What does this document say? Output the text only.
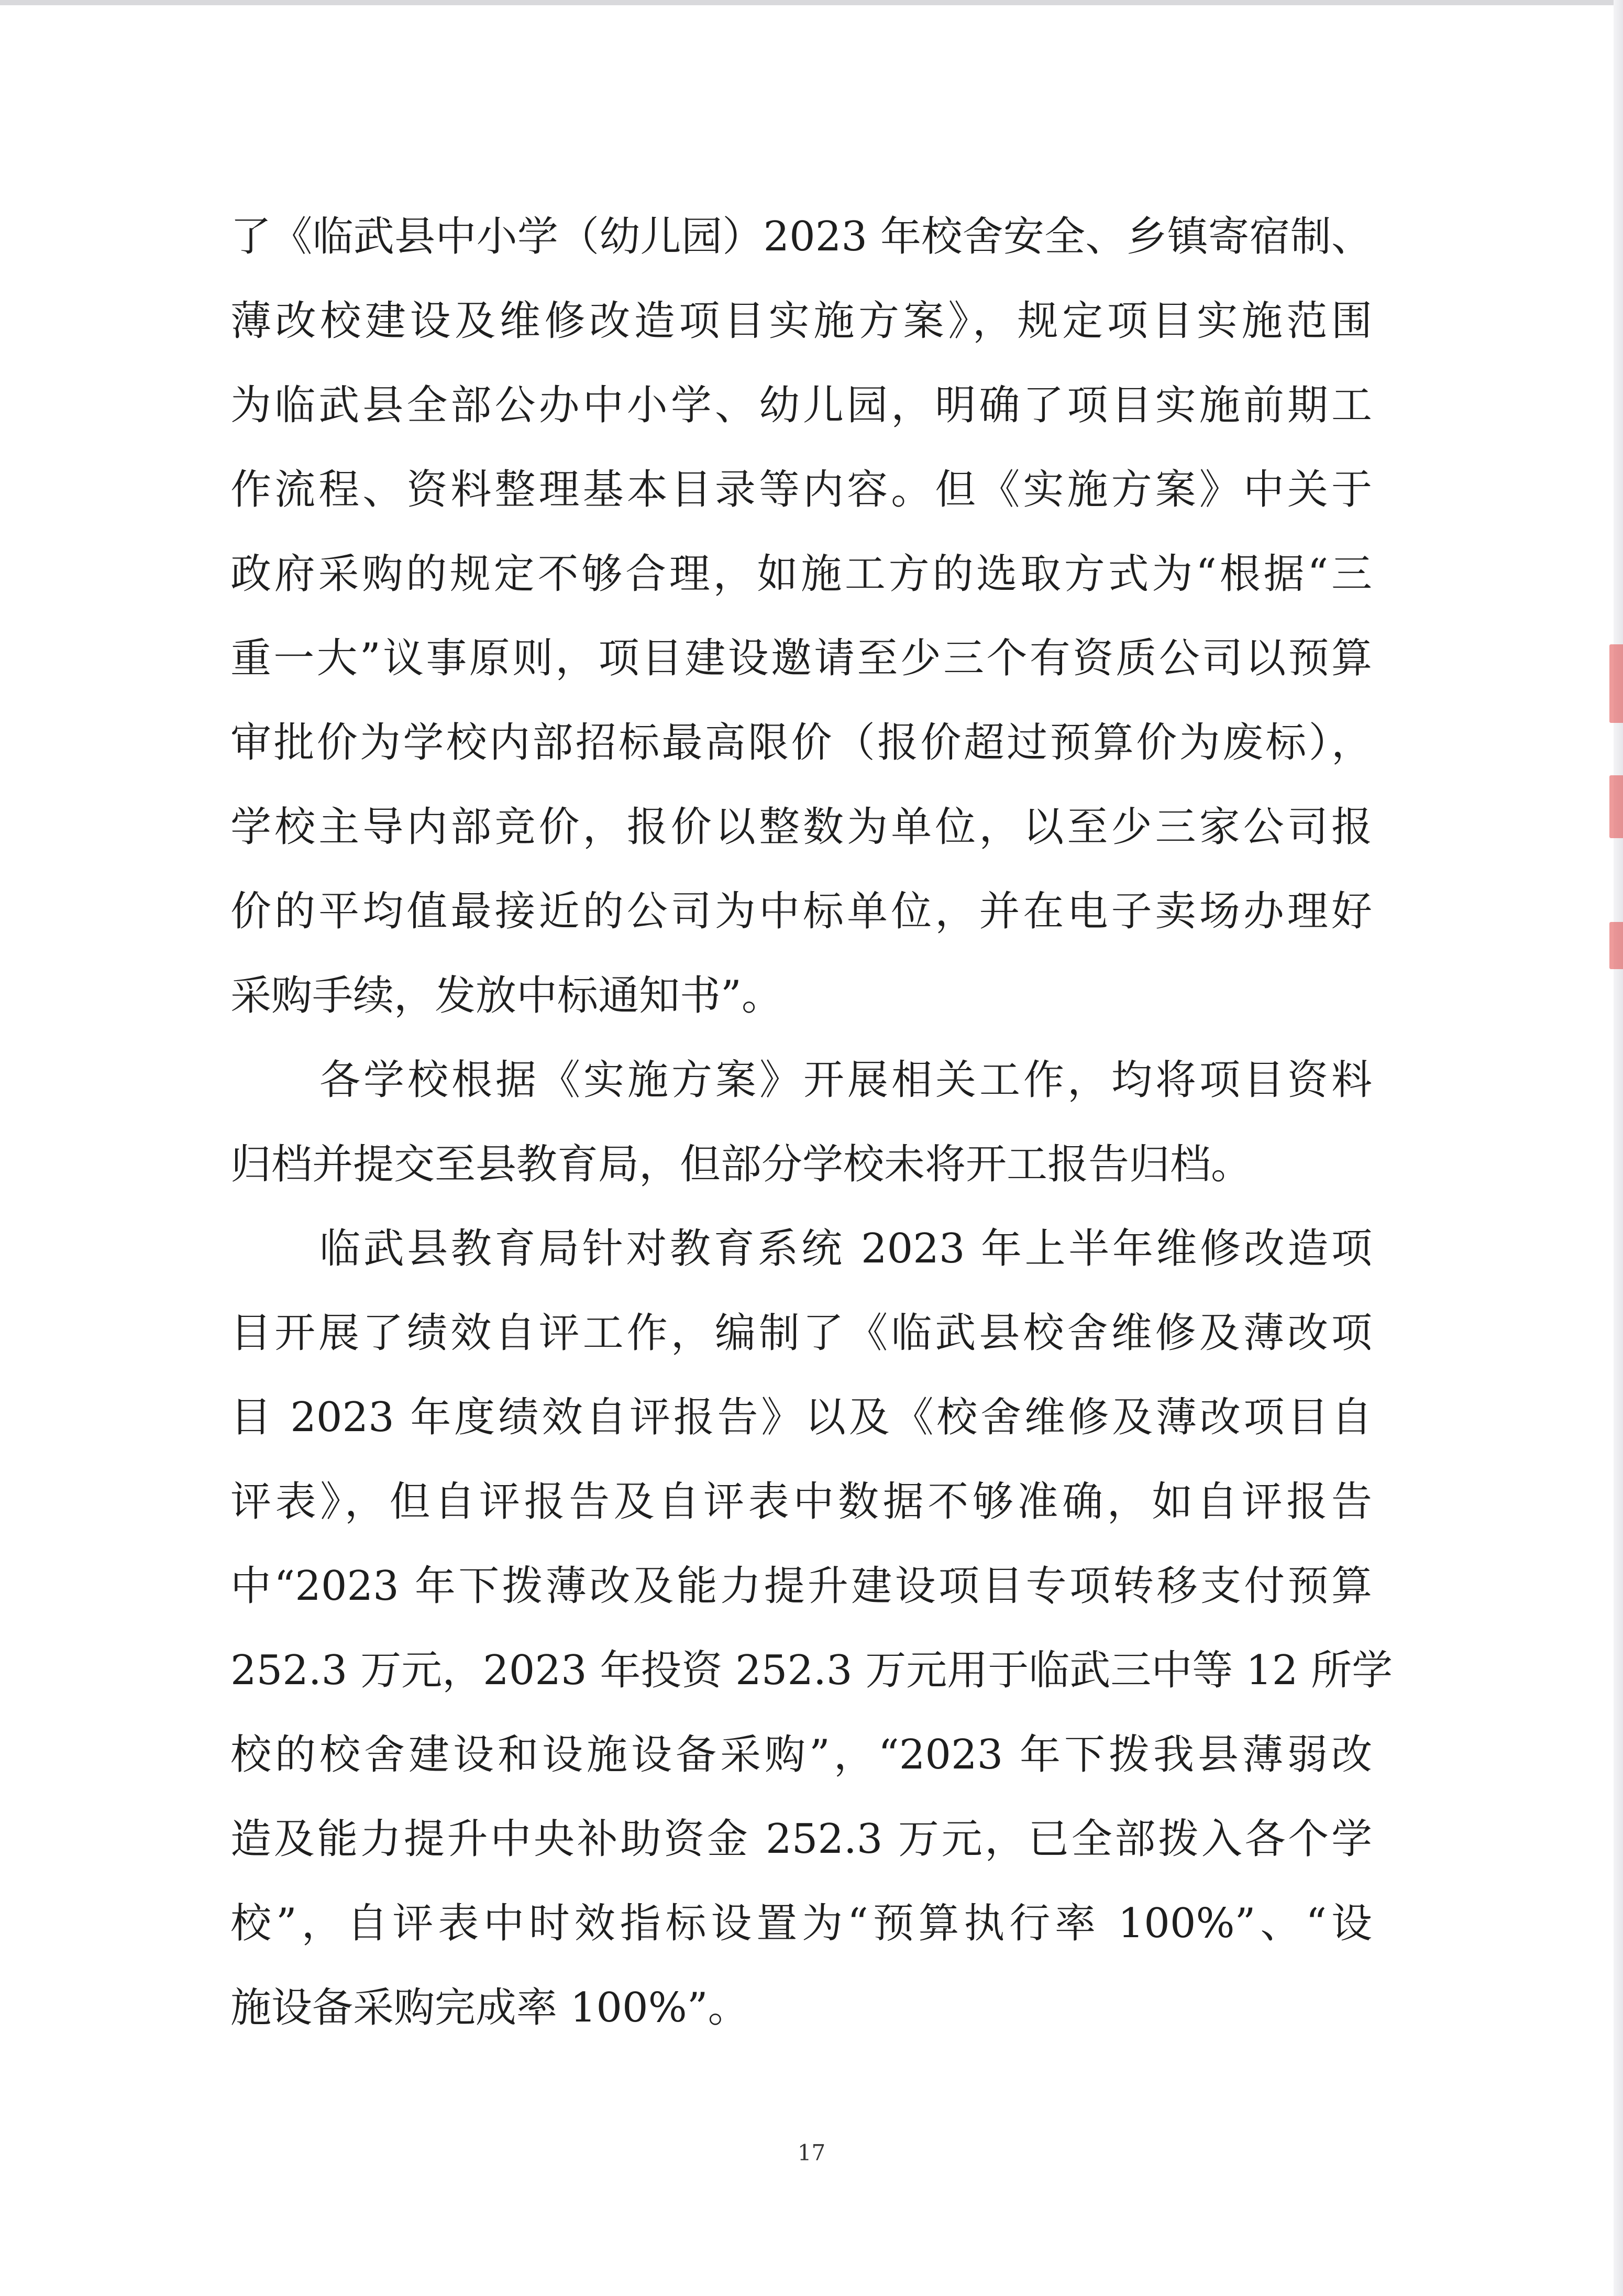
了《临武县中小学（幼儿园）2023 年校舍安全、乡镇寄宿制、
薄改校建设及维修改造项目实施方案》，规定项目实施范围
为临武县全部公办中小学、幼儿园，明确了项目实施前期工
作流程、资料整理基本目录等内容。但《实施方案》中关于
政府采购的规定不够合理，如施工方的选取方式为“根据“三
重一大”议事原则，项目建设邀请至少三个有资质公司以预算
审批价为学校内部招标最高限价（报价超过预算价为废标），
学校主导内部竞价，报价以整数为单位，以至少三家公司报
价的平均值最接近的公司为中标单位，并在电子卖场办理好
采购手续，发放中标通知书”。
各学校根据《实施方案》开展相关工作，均将项目资料
归档并提交至县教育局，但部分学校未将开工报告归档。
临武县教育局针对教育系统 2023 年上半年维修改造项
目开展了绩效自评工作，编制了《临武县校舍维修及薄改项
目 2023 年度绩效自评报告》以及《校舍维修及薄改项目自
评表》，但自评报告及自评表中数据不够准确，如自评报告
中“2023 年下拨薄改及能力提升建设项目专项转移支付预算
252.3 万元，2023 年投资 252.3 万元用于临武三中等 12 所学
校的校舍建设和设施设备采购”，“2023 年下拨我县薄弱改
造及能力提升中央补助资金 252.3 万元，已全部拨入各个学
校”，自评表中时效指标设置为“预算执行率 100%”、“设
施设备采购完成率 100%”。
17
